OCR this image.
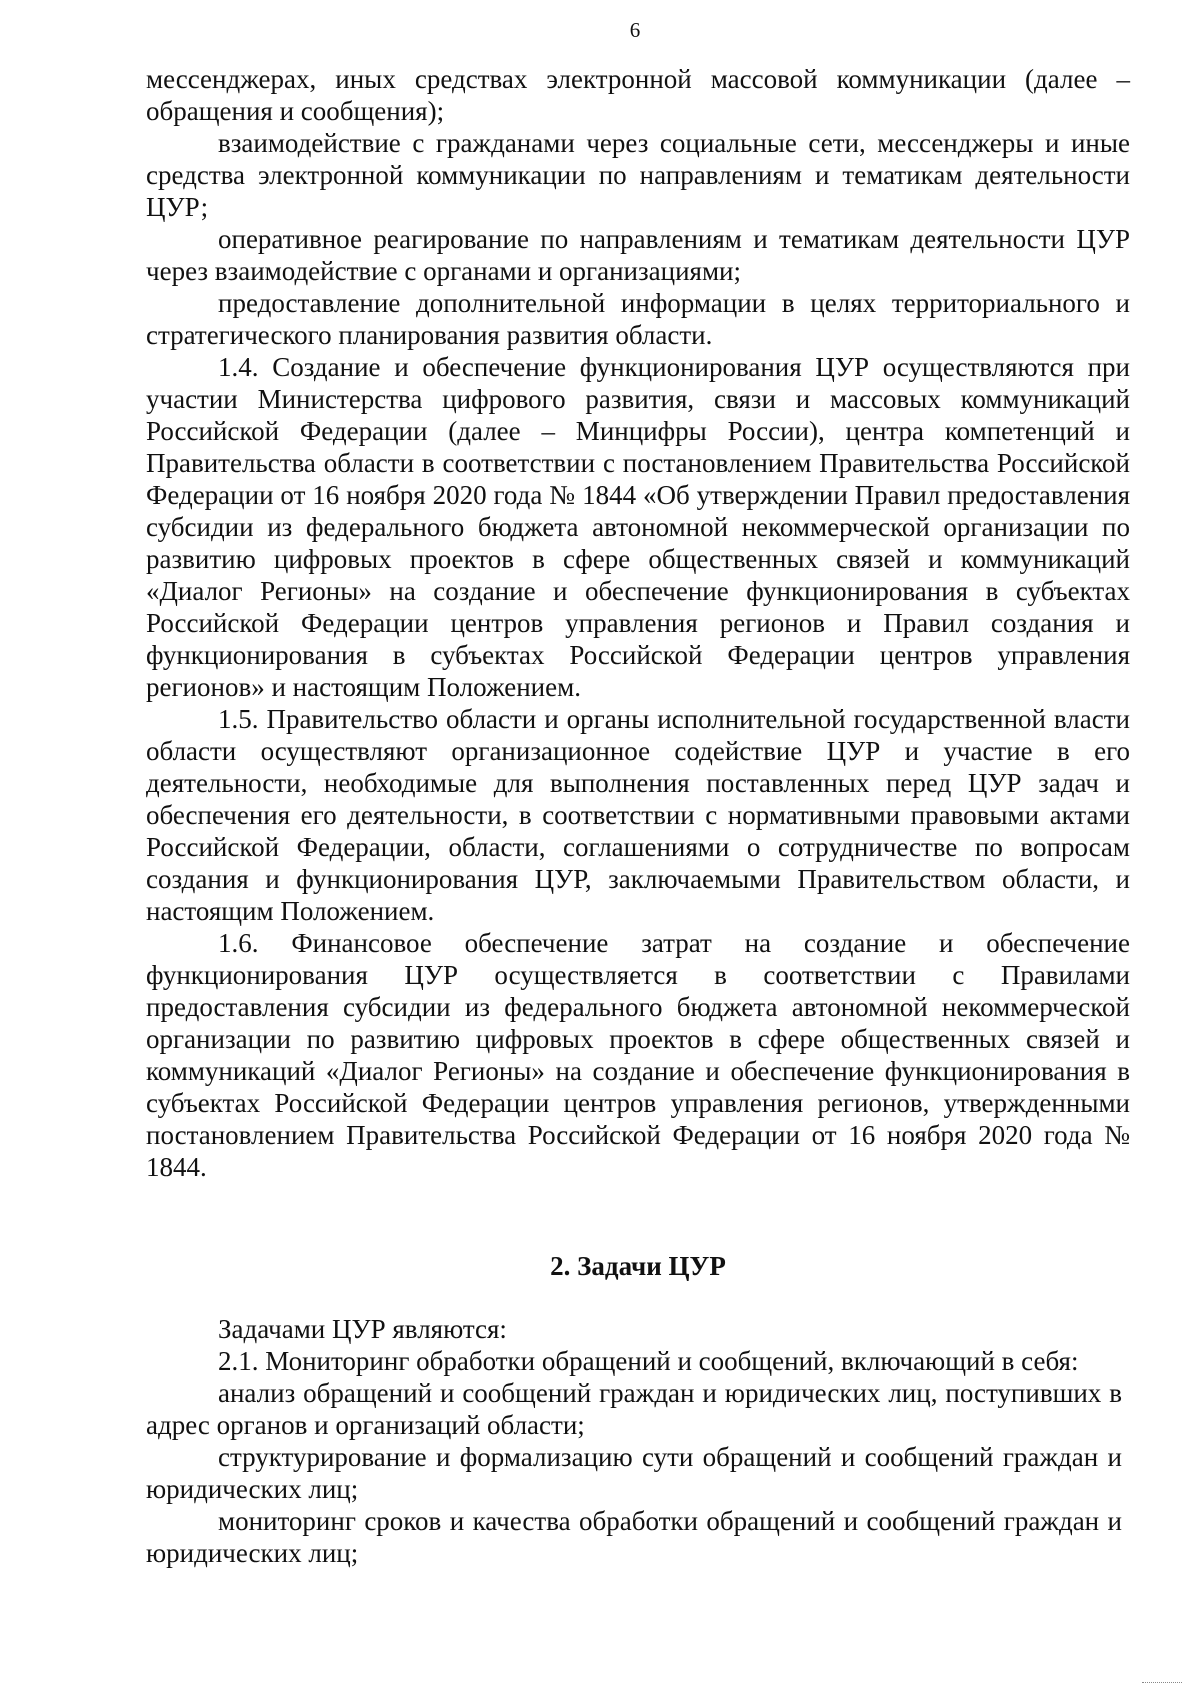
6

мессенджерах, иных средствах электронной массовой коммуникации (далее – обращения и сообщения);

взаимодействие с гражданами через социальные сети, мессенджеры и иные средства электронной коммуникации по направлениям и тематикам деятельности ЦУР;

оперативное реагирование по направлениям и тематикам деятельности ЦУР через взаимодействие с органами и организациями;

предоставление дополнительной информации в целях территориального и стратегического планирования развития области.

1.4. Создание и обеспечение функционирования ЦУР осуществляются при участии Министерства цифрового развития, связи и массовых коммуникаций Российской Федерации (далее – Минцифры России), центра компетенций и Правительства области в соответствии с постановлением Правительства Российской Федерации от 16 ноября 2020 года № 1844 «Об утверждении Правил предоставления субсидии из федерального бюджета автономной некоммерческой организации по развитию цифровых проектов в сфере общественных связей и коммуникаций «Диалог Регионы» на создание и обеспечение функционирования в субъектах Российской Федерации центров управления регионов и Правил создания и функционирования в субъектах Российской Федерации центров управления регионов» и настоящим Положением.

1.5. Правительство области и органы исполнительной государственной власти области осуществляют организационное содействие ЦУР и участие в его деятельности, необходимые для выполнения поставленных перед ЦУР задач и обеспечения его деятельности, в соответствии с нормативными правовыми актами Российской Федерации, области, соглашениями о сотрудничестве по вопросам создания и функционирования ЦУР, заключаемыми Правительством области, и настоящим Положением.

1.6. Финансовое обеспечение затрат на создание и обеспечение функционирования ЦУР осуществляется в соответствии с Правилами предоставления субсидии из федерального бюджета автономной некоммерческой организации по развитию цифровых проектов в сфере общественных связей и коммуникаций «Диалог Регионы» на создание и обеспечение функционирования в субъектах Российской Федерации центров управления регионов, утвержденными постановлением Правительства Российской Федерации от 16 ноября 2020 года № 1844.

2. Задачи ЦУР

Задачами ЦУР являются:

2.1. Мониторинг обработки обращений и сообщений, включающий в себя:

анализ обращений и сообщений граждан и юридических лиц, поступивших в адрес органов и организаций области;

структурирование и формализацию сути обращений и сообщений граждан и юридических лиц;

мониторинг сроков и качества обработки обращений и сообщений граждан и юридических лиц;
